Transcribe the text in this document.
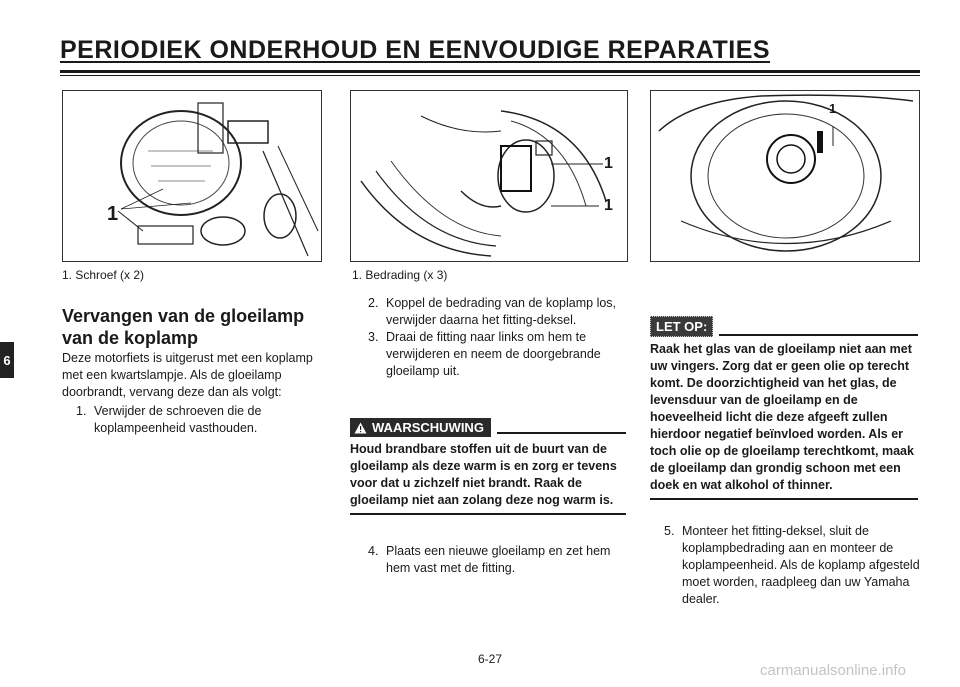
PERIODIEK ONDERHOUD EN EENVOUDIGE REPARATIES
6
1
1. Schroef (x 2)
1
1
1. Bedrading (x 3)
1
Vervangen van de gloeilamp van de koplamp
Deze motorfiets is uitgerust met een koplamp met een kwartslampje. Als de gloeilamp doorbrandt, vervang deze dan als volgt:
1. Verwijder de schroeven die de koplampeenheid vasthouden.
2. Koppel de bedrading van de koplamp los, verwijder daarna het fitting-deksel.
3. Draai de fitting naar links om hem te verwijderen en neem de doorgebrande gloeilamp uit.
WAARSCHUWING
Houd brandbare stoffen uit de buurt van de gloeilamp als deze warm is en zorg er tevens voor dat u zichzelf niet brandt. Raak de gloeilamp niet aan zolang deze nog warm is.
4. Plaats een nieuwe gloeilamp en zet hem hem vast met de fitting.
LET OP:
Raak het glas van de gloeilamp niet aan met uw vingers. Zorg dat er geen olie op terecht komt. De doorzichtigheid van het glas, de levensduur van de gloeilamp en de hoeveelheid licht die deze afgeeft zullen hierdoor negatief beïnvloed worden. Als er toch olie op de gloeilamp terechtkomt, maak de gloeilamp dan grondig schoon met een doek en wat alkohol of thinner.
5. Monteer het fitting-deksel, sluit de koplampbedrading aan en monteer de koplampeenheid. Als de koplamp afgesteld moet worden, raadpleeg dan uw Yamaha dealer.
6-27
carmanualsonline.info
